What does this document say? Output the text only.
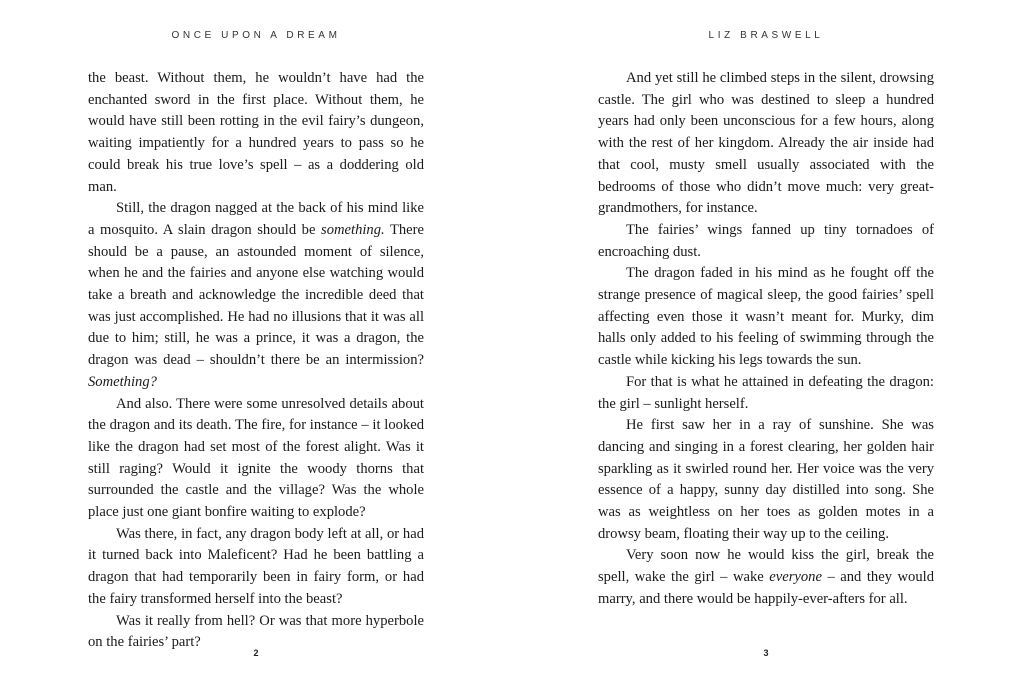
ONCE UPON A DREAM

the beast. Without them, he wouldn’t have had the enchanted sword in the first place. Without them, he would have still been rotting in the evil fairy’s dungeon, waiting impatiently for a hundred years to pass so he could break his true love’s spell – as a doddering old man.

Still, the dragon nagged at the back of his mind like a mosquito. A slain dragon should be something. There should be a pause, an astounded moment of silence, when he and the fairies and anyone else watching would take a breath and acknowledge the incredible deed that was just accomplished. He had no illusions that it was all due to him; still, he was a prince, it was a dragon, the dragon was dead – shouldn’t there be an intermission? Something?

And also. There were some unresolved details about the dragon and its death. The fire, for instance – it looked like the dragon had set most of the forest alight. Was it still raging? Would it ignite the woody thorns that surrounded the castle and the village? Was the whole place just one giant bonfire waiting to explode?

Was there, in fact, any dragon body left at all, or had it turned back into Maleficent? Had he been battling a dragon that had temporarily been in fairy form, or had the fairy transformed herself into the beast?

Was it really from hell? Or was that more hyperbole on the fairies’ part?

2
LIZ BRASWELL

And yet still he climbed steps in the silent, drowsing castle. The girl who was destined to sleep a hundred years had only been unconscious for a few hours, along with the rest of her kingdom. Already the air inside had that cool, musty smell usually associated with the bedrooms of those who didn’t move much: very great-grandmothers, for instance.

The fairies’ wings fanned up tiny tornadoes of encroaching dust.

The dragon faded in his mind as he fought off the strange presence of magical sleep, the good fairies’ spell affecting even those it wasn’t meant for. Murky, dim halls only added to his feeling of swimming through the castle while kicking his legs towards the sun.

For that is what he attained in defeating the dragon: the girl – sunlight herself.

He first saw her in a ray of sunshine. She was dancing and singing in a forest clearing, her golden hair sparkling as it swirled round her. Her voice was the very essence of a happy, sunny day distilled into song. She was as weightless on her toes as golden motes in a drowsy beam, floating their way up to the ceiling.

Very soon now he would kiss the girl, break the spell, wake the girl – wake everyone – and they would marry, and there would be happily-ever-afters for all.

3
